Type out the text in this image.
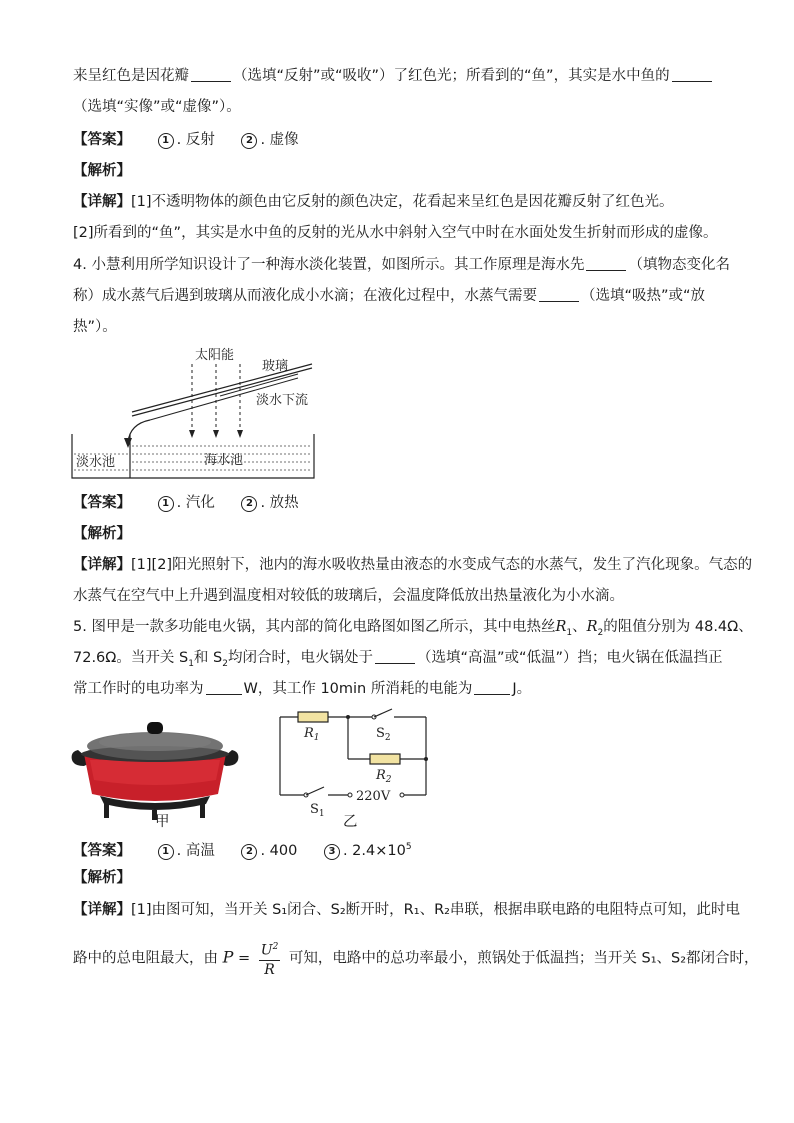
来呈红色是因花瓣	（选填“反射”或“吸收”）了红色光；所看到的“鱼”，其实是水中鱼的
（选填“实像”或“虚像”）。
【答案】	1 . 反射	2 . 虚像
【解析】
【详解】[1]不透明物体的颜色由它反射的颜色决定，花看起来呈红色是因花瓣反射了红色光。
[2]所看到的“鱼”，其实是水中鱼的反射的光从水中斜射入空气中时在水面处发生折射而形成的虚像。
4. 小慧利用所学知识设计了一种海水淡化装置，如图所示。其工作原理是海水先	（填物态变化名
称）成水蒸气后遇到玻璃从而液化成小水滴；在液化过程中，水蒸气需要	（选填“吸热”或“放
热”）。
太阳能
玻璃
淡水下流
淡水池	海水池
【答案】	1 . 汽化	2 . 放热
【解析】
【详解】[1][2]阳光照射下，池内的海水吸收热量由液态的水变成气态的水蒸气，发生了汽化现象。气态的
水蒸气在空气中上升遇到温度相对较低的玻璃后，会温度降低放出热量液化为小水滴。
5. 图甲是一款多功能电火锅，其内部的简化电路图如图乙所示，其中电热丝$R_1$、$R_2$的阻值分别为 48.4Ω、
72.6Ω。当开关 $S_1$和 $S_2$均闭合时，电火锅处于	（选填“高温”或“低温”）挡；电火锅在低温挡正
常工作时的电功率为	W，其工作 10min 所消耗的电能为	J。
甲
$R_1$	$S_2$
$R_2$
$S_1$
220V
乙
【答案】	1 . 高温	2 . 400	3 . $2.4\times 10^5$
【解析】
【详解】[1]由图可知，当开关 S₁闭合、S₂断开时，R₁、R₂串联，根据串联电路的电阻特点可知，此时电
路中的总电阻最大，由 $P = \frac{U^2}{R}$ 可知，电路中的总功率最小，煎锅处于低温挡；当开关 S₁、S₂都闭合时，
